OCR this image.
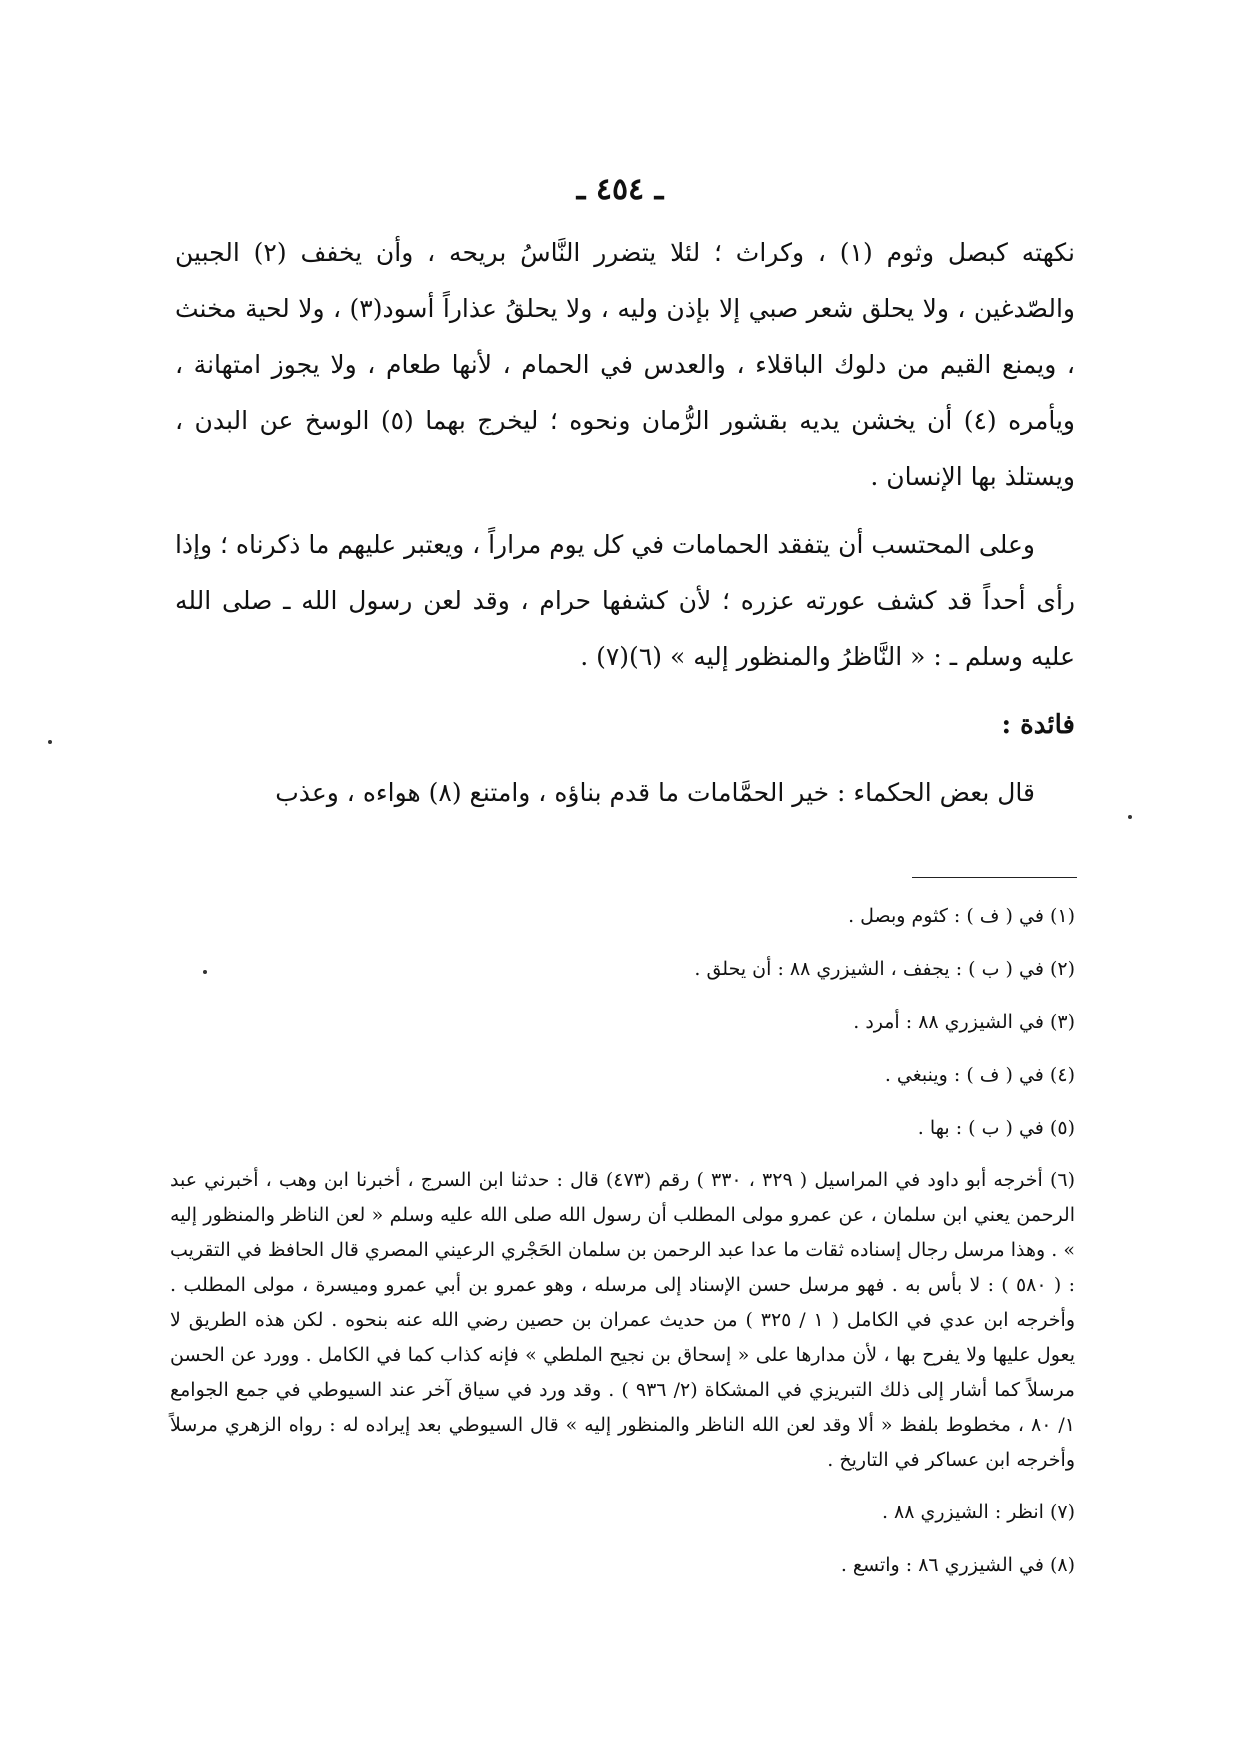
ـ ٤٥٤ ـ

نكهته كبصل وثوم (١) ، وكراث ؛ لئلا يتضرر النَّاسُ بريحه ، وأن يخفف (٢) الجبين والصّدغين ، ولا يحلق شعر صبي إلا بإذن وليه ، ولا يحلقُ عذاراً أسود(٣) ، ولا لحية مخنث ، ويمنع القيم من دلوك الباقلاء ، والعدس في الحمام ، لأنها طعام ، ولا يجوز امتهانة ، ويأمره (٤) أن يخشن يديه بقشور الرُّمان ونحوه ؛ ليخرج بهما (٥) الوسخ عن البدن ، ويستلذ بها الإنسان .

وعلى المحتسب أن يتفقد الحمامات في كل يوم مراراً ، ويعتبر عليهم ما ذكرناه ؛ وإذا رأى أحداً قد كشف عورته عزره ؛ لأن كشفها حرام ، وقد لعن رسول الله ـ صلى الله عليه وسلم ـ : « النَّاظرُ والمنظور إليه » (٦)(٧) .

فائدة :

قال بعض الحكماء : خير الحمَّامات ما قدم بناؤه ، وامتنع (٨) هواءه ، وعذب

(١) في ( ف ) : كثوم وبصل .

(٢) في ( ب ) : يجفف ، الشيزري ٨٨ : أن يحلق .

(٣) في الشيزري ٨٨ : أمرد .

(٤) في ( ف ) : وينبغي .

(٥) في ( ب ) : بها .

(٦) أخرجه أبو داود في المراسيل ( ٣٢٩ ، ٣٣٠ ) رقم (٤٧٣) قال : حدثنا ابن السرج ، أخبرنا ابن وهب ، أخبرني عبد الرحمن يعني ابن سلمان ، عن عمرو مولى المطلب أن رسول الله صلى الله عليه وسلم « لعن الناظر والمنظور إليه » . وهذا مرسل رجال إسناده ثقات ما عدا عبد الرحمن بن سلمان الحَجْري الرعيني المصري قال الحافظ في التقريب : ( ٥٨٠ ) : لا بأس به . فهو مرسل حسن الإسناد إلى مرسله ، وهو عمرو بن أبي عمرو وميسرة ، مولى المطلب . وأخرجه ابن عدي في الكامل ( ١ / ٣٢٥ ) من حديث عمران بن حصين رضي الله عنه بنحوه . لكن هذه الطريق لا يعول عليها ولا يفرح بها ، لأن مدارها على « إسحاق بن نجيح الملطي » فإنه كذاب كما في الكامل . وورد عن الحسن مرسلاً كما أشار إلى ذلك التبريزي في المشكاة (٢/ ٩٣٦ ) . وقد ورد في سياق آخر عند السيوطي في جمع الجوامع ١/ ٨٠ ، مخطوط بلفظ « ألا وقد لعن الله الناظر والمنظور إليه » قال السيوطي بعد إيراده له : رواه الزهري مرسلاً وأخرجه ابن عساكر في التاريخ .

(٧) انظر : الشيزري ٨٨ .

(٨) في الشيزري ٨٦ : واتسع .
